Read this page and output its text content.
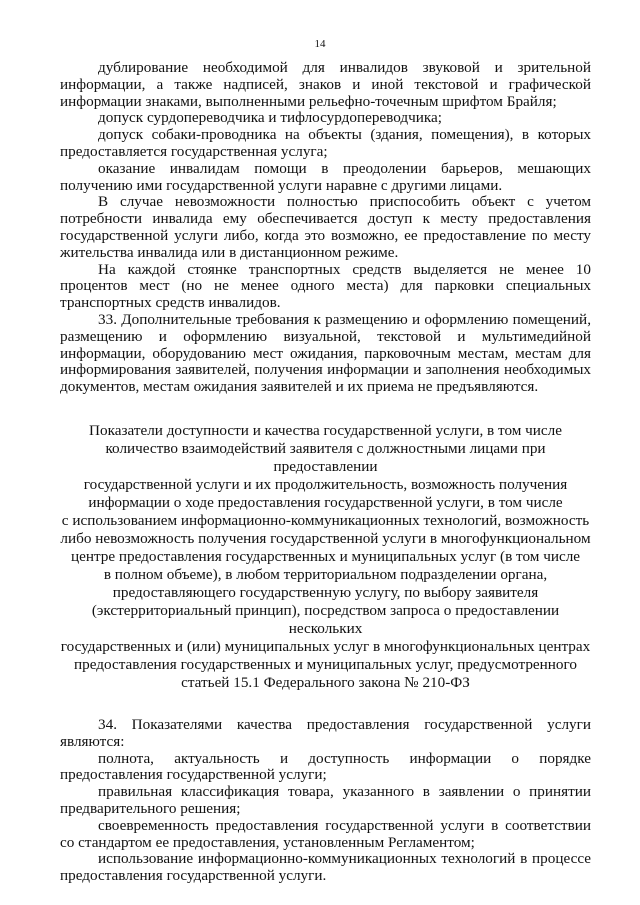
14

дублирование необходимой для инвалидов звуковой и зрительной информации, а также надписей, знаков и иной текстовой и графической информации знаками, выполненными рельефно-точечным шрифтом Брайля;

допуск сурдопереводчика и тифлосурдопереводчика;

допуск собаки-проводника на объекты (здания, помещения), в которых предоставляется государственная услуга;

оказание инвалидам помощи в преодолении барьеров, мешающих получению ими государственной услуги наравне с другими лицами.

В случае невозможности полностью приспособить объект с учетом потребности инвалида ему обеспечивается доступ к месту предоставления государственной услуги либо, когда это возможно, ее предоставление по месту жительства инвалида или в дистанционном режиме.

На каждой стоянке транспортных средств выделяется не менее 10 процентов мест (но не менее одного места) для парковки специальных транспортных средств инвалидов.

33. Дополнительные требования к размещению и оформлению помещений, размещению и оформлению визуальной, текстовой и мультимедийной информации, оборудованию мест ожидания, парковочным местам, местам для информирования заявителей, получения информации и заполнения необходимых документов, местам ожидания заявителей и их приема не предъявляются.

Показатели доступности и качества государственной услуги, в том числе
количество взаимодействий заявителя с должностными лицами при предоставлении
государственной услуги и их продолжительность, возможность получения
информации о ходе предоставления государственной услуги, в том числе
с использованием информационно-коммуникационных технологий, возможность
либо невозможность получения государственной услуги в многофункциональном
центре предоставления государственных и муниципальных услуг (в том числе
в полном объеме), в любом территориальном подразделении органа,
предоставляющего государственную услугу, по выбору заявителя
(экстерриториальный принцип), посредством запроса о предоставлении нескольких
государственных и (или) муниципальных услуг в многофункциональных центрах
предоставления государственных и муниципальных услуг, предусмотренного
статьей 15.1 Федерального закона № 210-ФЗ

34. Показателями качества предоставления государственной услуги являются:

полнота, актуальность и доступность информации о порядке предоставления государственной услуги;

правильная классификация товара, указанного в заявлении о принятии предварительного решения;

своевременность предоставления государственной услуги в соответствии со стандартом ее предоставления, установленным Регламентом;

использование информационно-коммуникационных технологий в процессе предоставления государственной услуги.
